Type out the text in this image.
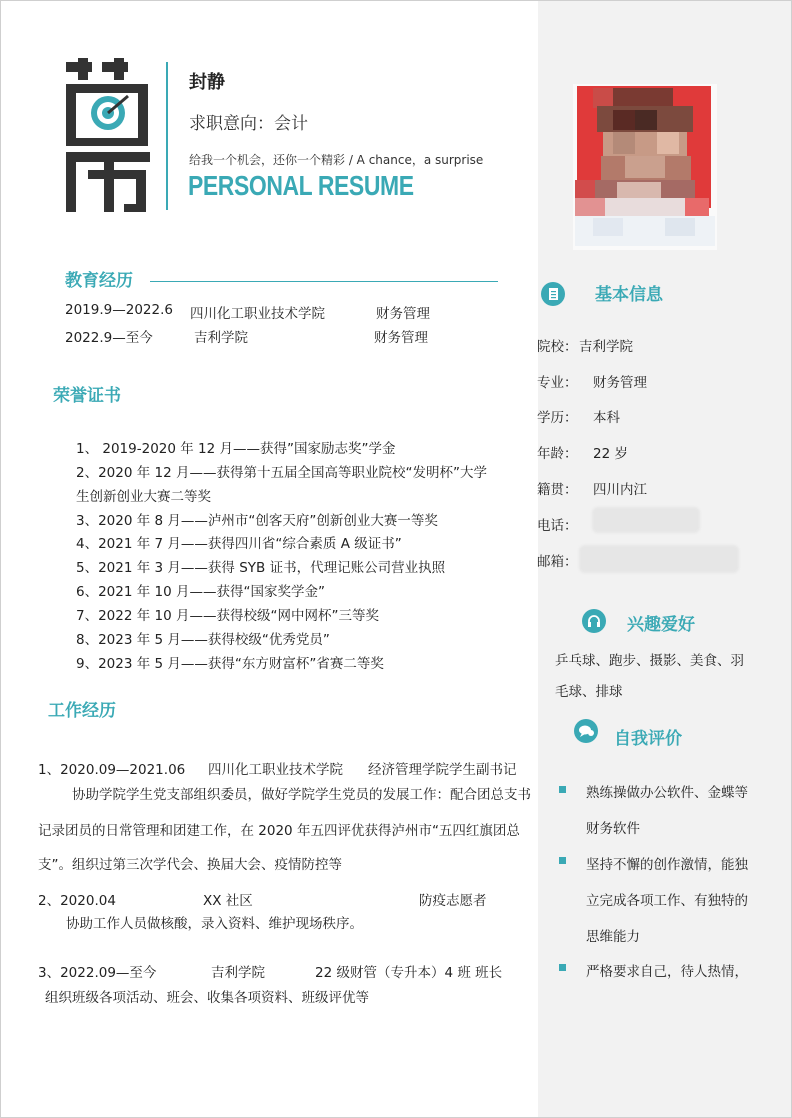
封静
求职意向：会计
给我一个机会，还你一个精彩 / A chance，a surprise
PERSONAL RESUME
教育经历
2019.9—2022.6 四川化工职业技术学院	财务管理
2022.9—至今	吉利学院	财务管理
荣誉证书
1、 2019-2020 年 12 月——获得”国家励志奖”学金
2、2020 年 12 月——获得第十五届全国高等职业院校“发明杯”大学
生创新创业大赛二等奖
3、2020 年 8 月——泸州市“创客天府”创新创业大赛一等奖
4、2021 年 7 月——获得四川省“综合素质 A 级证书”
5、2021 年 3 月——获得 SYB 证书，代理记账公司营业执照
6、2021 年 10 月——获得“国家奖学金”
7、2022 年 10 月——获得校级“网中网杯”三等奖
8、2023 年 5 月——获得校级“优秀党员”
9、2023 年 5 月——获得“东方财富杯”省赛二等奖
工作经历
1、2020.09—2021.06 四川化工职业技术学院 经济管理学院学生副书记
协助学院学生党支部组织委员，做好学院学生党员的发展工作：配合团总支书
记录团员的日常管理和团建工作，在 2020 年五四评优获得泸州市“五四红旗团总
支”。组织过第三次学代会、换届大会、疫情防控等
2、2020.04	XX 社区	防疫志愿者
协助工作人员做核酸，录入资料、维护现场秩序。
3、2022.09—至今	吉利学院	22 级财管（专升本）4 班 班长
组织班级各项活动、班会、收集各项资料、班级评优等
基本信息
院校： 吉利学院
专业： 财务管理
学历： 本科
年龄： 22 岁
籍贯： 四川内江
电话：
邮箱：
兴趣爱好
乒乓球、跑步、摄影、美食、羽
毛球、排球
自我评价
熟练操做办公软件、金蝶等
财务软件
坚持不懈的创作激情，能独
立完成各项工作、有独特的
思维能力
严格要求自己，待人热情，
